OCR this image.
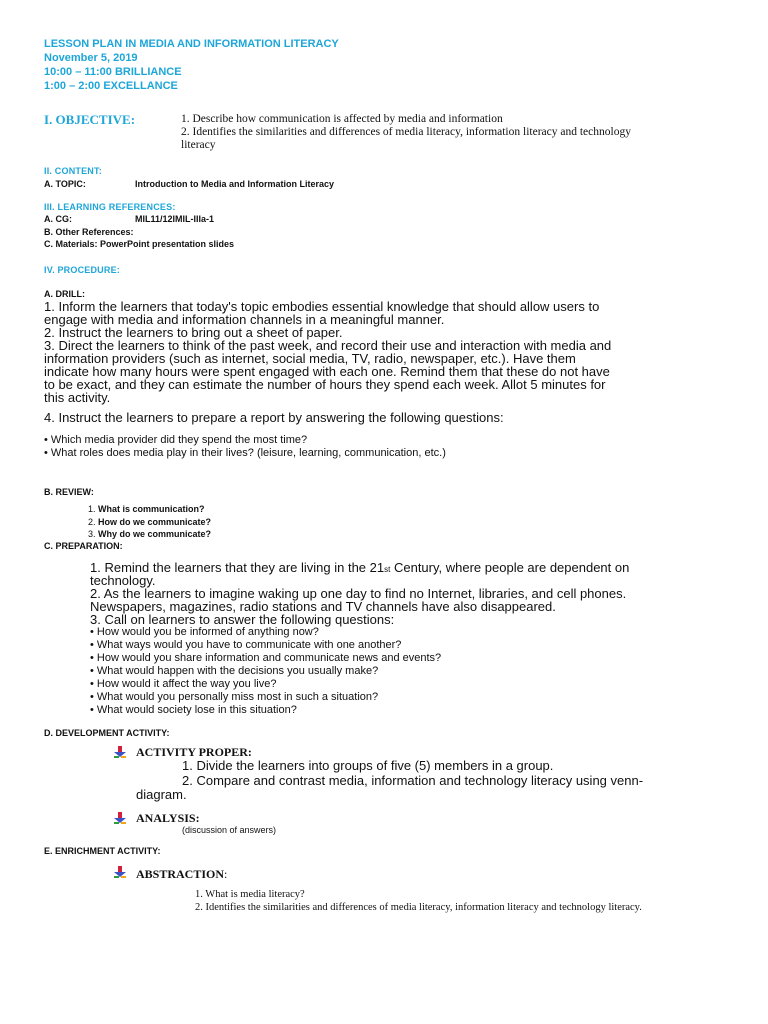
LESSON PLAN IN MEDIA AND INFORMATION LITERACY
November 5, 2019
10:00 – 11:00 BRILLIANCE
1:00 – 2:00 EXCELLANCE
I. OBJECTIVE:	1. Describe how communication is affected by media and information
2. Identifies the similarities and differences of media literacy, information literacy and technology
literacy
II. CONTENT:
A. TOPIC:	Introduction to Media and Information Literacy
III. LEARNING REFERENCES:
A. CG:	MIL11/12IMIL-IIIa-1
B. Other References:
C. Materials: PowerPoint presentation slides
IV. PROCEDURE:
A. DRILL:
1. Inform the learners that today's topic embodies essential knowledge that should allow users to
engage with media and information channels in a meaningful manner.
2. Instruct the learners to bring out a sheet of paper.
3. Direct the learners to think of the past week, and record their use and interaction with media and
information providers (such as internet, social media, TV, radio, newspaper, etc.). Have them
indicate how many hours were spent engaged with each one. Remind them that these do not have
to be exact, and they can estimate the number of hours they spend each week. Allot 5 minutes for
this activity.
4. Instruct the learners to prepare a report by answering the following questions:
• Which media provider did they spend the most time?
• What roles does media play in their lives? (leisure, learning, communication, etc.)
B. REVIEW:
1. What is communication?
2. How do we communicate?
3. Why do we communicate?
C. PREPARATION:
1. Remind the learners that they are living in the 21st Century, where people are dependent on
technology.
2. As the learners to imagine waking up one day to find no Internet, libraries, and cell phones.
Newspapers, magazines, radio stations and TV channels have also disappeared.
3. Call on learners to answer the following questions:
• How would you be informed of anything now?
• What ways would you have to communicate with one another?
• How would you share information and communicate news and events?
• What would happen with the decisions you usually make?
• How would it affect the way you live?
• What would you personally miss most in such a situation?
• What would society lose in this situation?
D. DEVELOPMENT ACTIVITY:
ACTIVITY PROPER:
1. Divide the learners into groups of five (5) members in a group.
2. Compare and contrast media, information and technology literacy using venn-
diagram.
ANALYSIS:
(discussion of answers)
E. ENRICHMENT ACTIVITY:
ABSTRACTION:
1. What is media literacy?
2. Identifies the similarities and differences of media literacy, information literacy and technology literacy.
